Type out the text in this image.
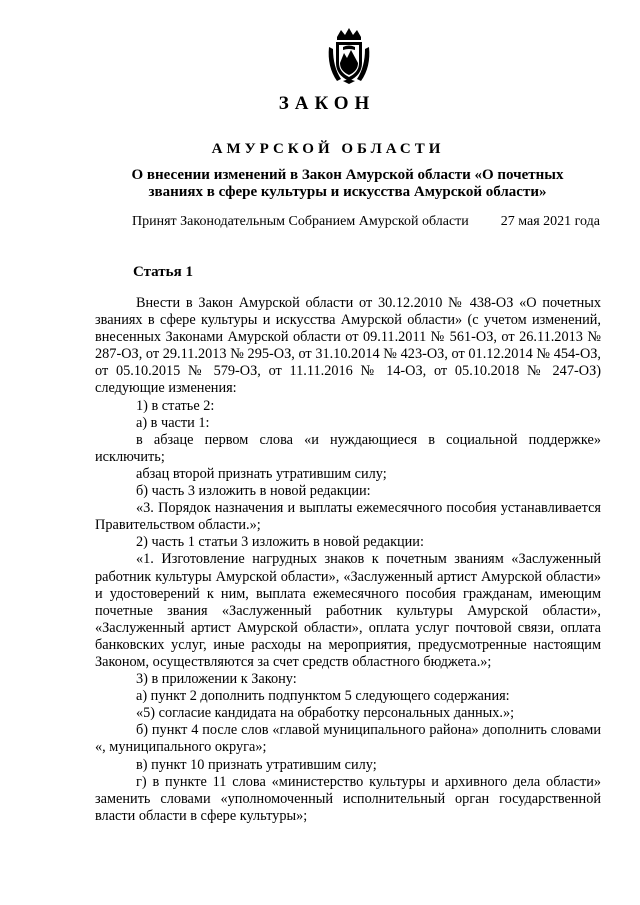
ЗАКОН
АМУРСКОЙ ОБЛАСТИ
О внесении изменений в Закон Амурской области «О почетных
званиях в сфере культуры и искусства Амурской области»
Принят Законодательным Собранием Амурской области 27 мая 2021 года
Статья 1

Внести в Закон Амурской области от 30.12.2010 № 438-ОЗ «О почетных званиях в сфере культуры и искусства Амурской области» (с учетом изменений, внесенных Законами Амурской области от 09.11.2011 № 561-ОЗ, от 26.11.2013 № 287-ОЗ, от 29.11.2013 № 295-ОЗ, от 31.10.2014 № 423-ОЗ, от 01.12.2014 № 454-ОЗ, от 05.10.2015 № 579-ОЗ, от 11.11.2016 № 14-ОЗ, от 05.10.2018 № 247-ОЗ) следующие изменения:

1) в статье 2:

а) в части 1:

в абзаце первом слова «и нуждающиеся в социальной поддержке» исключить;

абзац второй признать утратившим силу;

б) часть 3 изложить в новой редакции:

«3. Порядок назначения и выплаты ежемесячного пособия устанавливается Правительством области.»;

2) часть 1 статьи 3 изложить в новой редакции:

«1. Изготовление нагрудных знаков к почетным званиям «Заслуженный работник культуры Амурской области», «Заслуженный артист Амурской области» и удостоверений к ним, выплата ежемесячного пособия гражданам, имеющим почетные звания «Заслуженный работник культуры Амурской области», «Заслуженный артист Амурской области», оплата услуг почтовой связи, оплата банковских услуг, иные расходы на мероприятия, предусмотренные настоящим Законом, осуществляются за счет средств областного бюджета.»;

3) в приложении к Закону:

а) пункт 2 дополнить подпунктом 5 следующего содержания:

«5) согласие кандидата на обработку персональных данных.»;

б) пункт 4 после слов «главой муниципального района» дополнить словами «, муниципального округа»;

в) пункт 10 признать утратившим силу;

г) в пункте 11 слова «министерство культуры и архивного дела области» заменить словами «уполномоченный исполнительный орган государственной власти области в сфере культуры»;
